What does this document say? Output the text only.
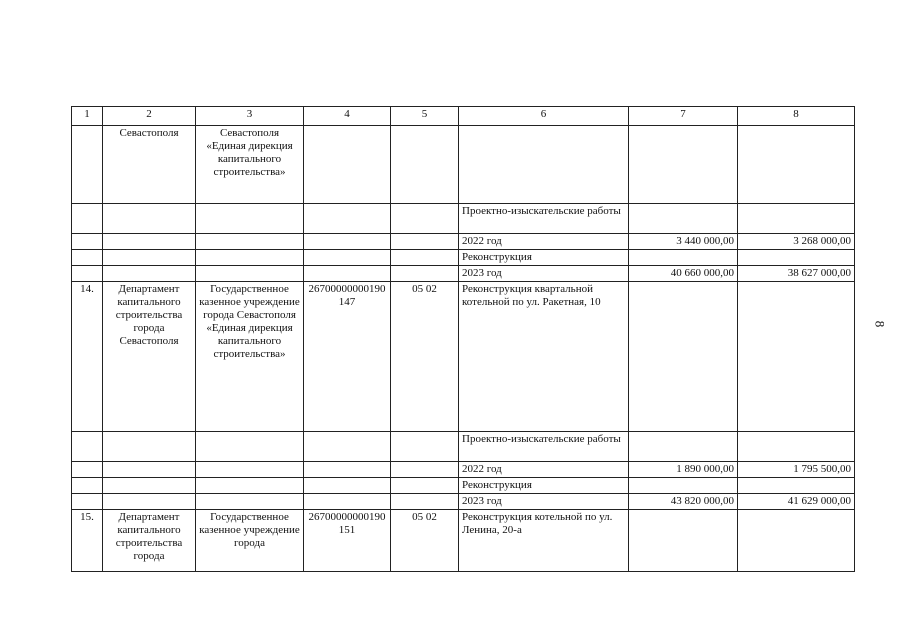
1	2	3	4	5	6	7	8
	Севастополя	Севастополя «Единая дирекция капитального строительства»					
					Проектно-изыскательские работы		
					2022 год	3 440 000,00	3 268 000,00
					Реконструкция		
					2023 год	40 660 000,00	38 627 000,00
14.	Департамент капитального строительства города Севастополя	Государственное казенное учреждение города Севастополя «Единая дирекция капитального строительства»	26700000000190147	05 02	Реконструкция квартальной котельной по ул. Ракетная, 10		
					Проектно-изыскательские работы		
					2022 год	1 890 000,00	1 795 500,00
					Реконструкция		
					2023 год	43 820 000,00	41 629 000,00
15.	Департамент капитального строительства города	Государственное казенное учреждение города	26700000000190151	05 02	Реконструкция котельной по ул. Ленина, 20-а		
8
